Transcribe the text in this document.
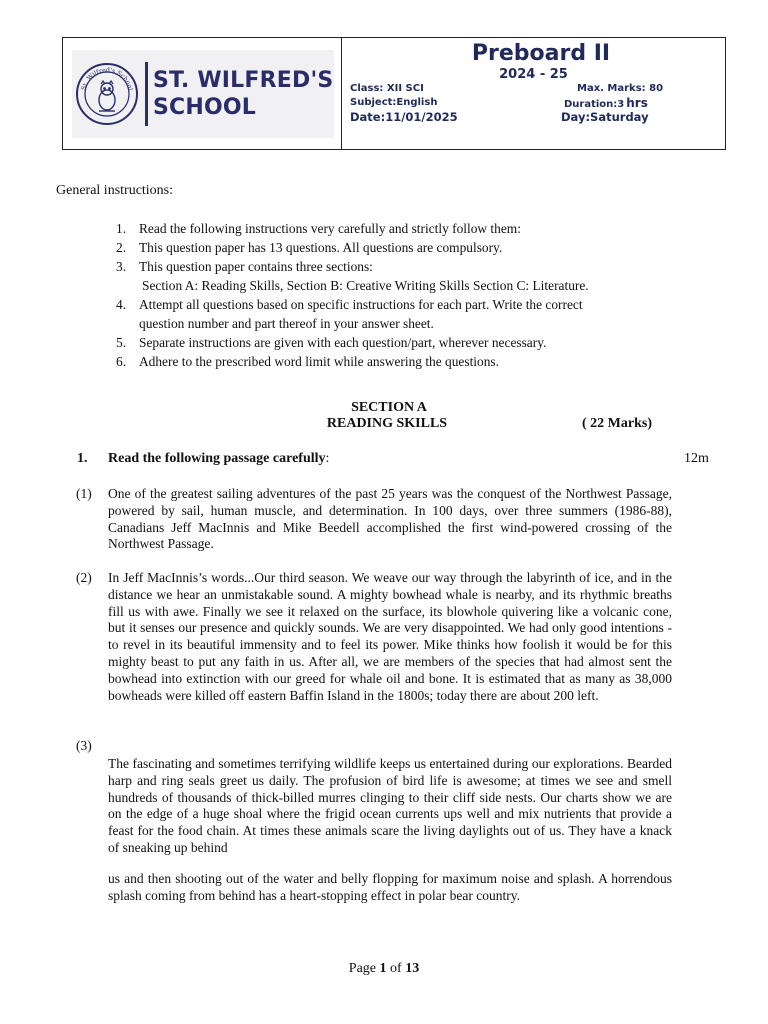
St. Wilfred's School ST. WILFRED'S
SCHOOL
Preboard II
2024 - 25
Class: XII SCI	Max. Marks: 80
Subject:English	Duration:3 hrs
Date:11/01/2025	Day:Saturday
General instructions:
1. Read the following instructions very carefully and strictly follow them:
2. This question paper has 13 questions. All questions are compulsory.
3. This question paper contains three sections:
Section A: Reading Skills, Section B: Creative Writing Skills Section C: Literature.
4. Attempt all questions based on specific instructions for each part. Write the correct question number and part thereof in your answer sheet.
5. Separate instructions are given with each question/part, wherever necessary.
6. Adhere to the prescribed word limit while answering the questions.
SECTION A
READING SKILLS	( 22 Marks)
1. Read the following passage carefully:	12m
(1) One of the greatest sailing adventures of the past 25 years was the conquest of the Northwest Passage, powered by sail, human muscle, and determination. In 100 days, over three summers (1986-88), Canadians Jeff MacInnis and Mike Beedell accomplished the first wind-powered crossing of the Northwest Passage.
(2) In Jeff MacInnis’s words...Our third season. We weave our way through the labyrinth of ice, and in the distance we hear an unmistakable sound. A mighty bowhead whale is nearby, and its rhythmic breaths fill us with awe. Finally we see it relaxed on the surface, its blowhole quivering like a volcanic cone, but it senses our presence and quickly sounds. We are very disappointed. We had only good intentions - to revel in its beautiful immensity and to feel its power. Mike thinks how foolish it would be for this mighty beast to put any faith in us. After all, we are members of the species that had almost sent the bowhead into extinction with our greed for whale oil and bone. It is estimated that as many as 38,000 bowheads were killed off eastern Baffin Island in the 1800s; today there are about 200 left.
(3)
The fascinating and sometimes terrifying wildlife keeps us entertained during our explorations. Bearded harp and ring seals greet us daily. The profusion of bird life is awesome; at times we see and smell hundreds of thousands of thick-billed murres clinging to their cliff side nests. Our charts show we are on the edge of a huge shoal where the frigid ocean currents ups well and mix nutrients that provide a feast for the food chain. At times these animals scare the living daylights out of us. They have a knack of sneaking up behind
us and then shooting out of the water and belly flopping for maximum noise and splash. A horrendous splash coming from behind has a heart-stopping effect in polar bear country.
Page 1 of 13
